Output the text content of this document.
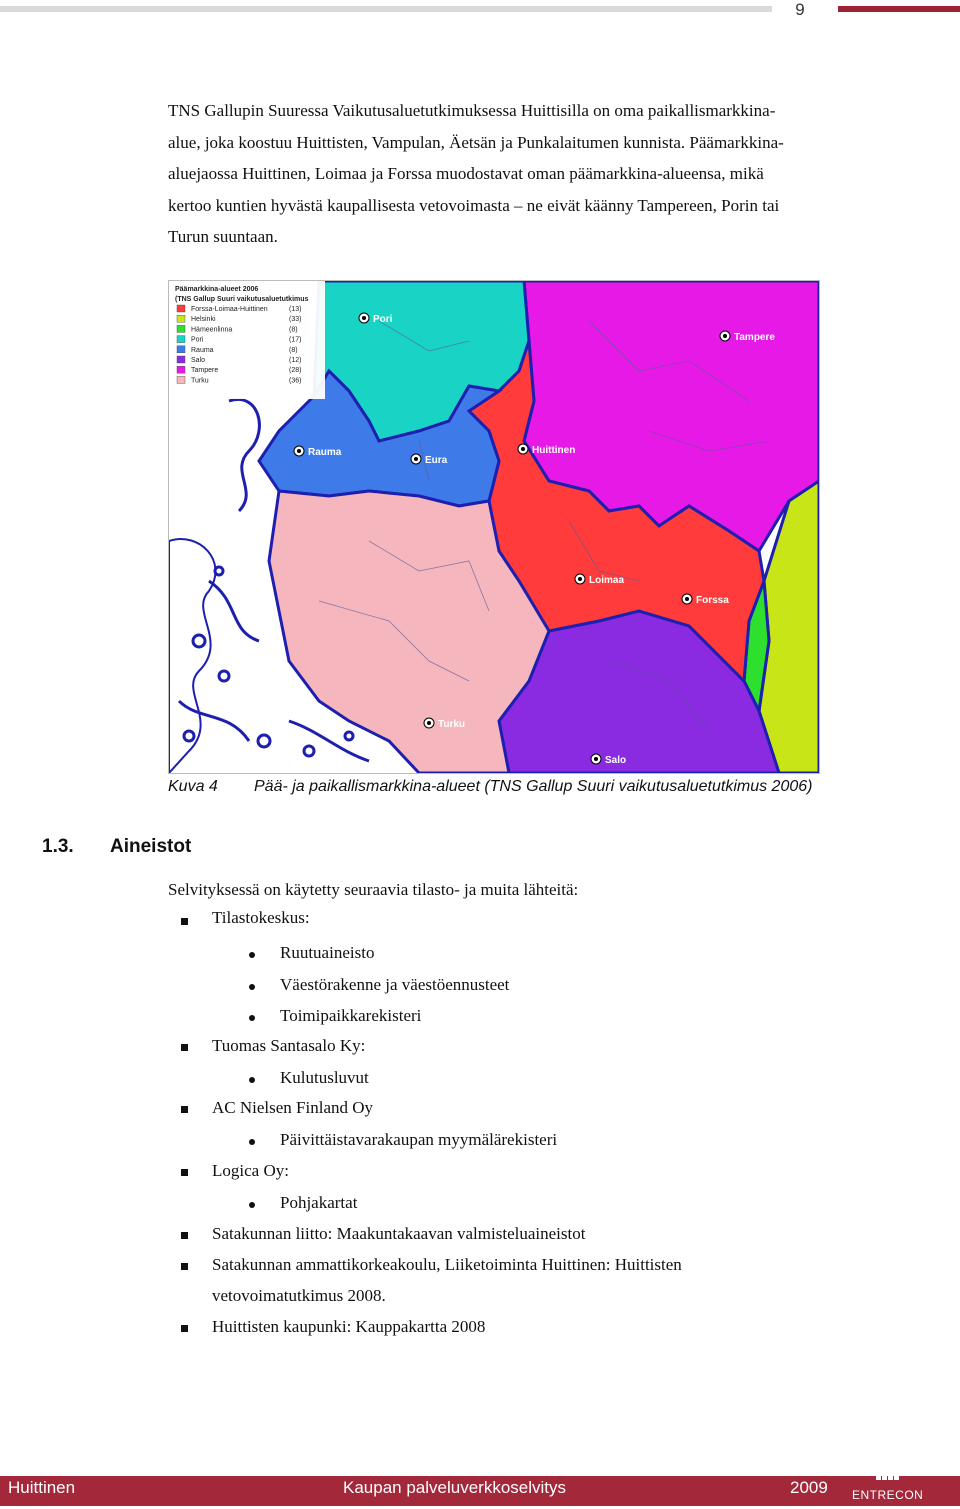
9
TNS Gallupin Suuressa Vaikutusaluetutkimuksessa Huittisilla on oma paikallismarkkina-
alue, joka koostuu Huittisten, Vampulan, Äetsän ja Punkalaitumen kunnista. Päämarkkina-
aluejaossa Huittinen, Loimaa ja Forssa muodostavat oman päämarkkina-alueensa, mikä
kertoo kuntien hyvästä kaupallisesta vetovoimasta – ne eivät käänny Tampereen, Porin tai
Turun suuntaan.
Päämarkkina-alueet 2006
(TNS Gallup Suuri vaikutusaluetutkimus
Forssa-Loimaa-Huittinen	(13)
Helsinki	(33)
Hämeenlinna	(8)
Pori	(17)
Rauma	(8)
Salo	(12)
Tampere	(28)
Turku	(36)
Pori
Tampere
Rauma
Eura
Huittinen
Loimaa
Forssa
Turku
Salo
Kuva 4 Pää- ja paikallismarkkina-alueet (TNS Gallup Suuri vaikutusaluetutkimus 2006)
1.3. Aineistot
Selvityksessä on käytetty seuraavia tilasto- ja muita lähteitä:
Tilastokeskus:
Ruutuaineisto
Väestörakenne ja väestöennusteet
Toimipaikkarekisteri
Tuomas Santasalo Ky:
Kulutusluvut
AC Nielsen Finland Oy
Päivittäistavarakaupan myymälärekisteri
Logica Oy:
Pohjakartat
Satakunnan liitto: Maakuntakaavan valmisteluaineistot
Satakunnan ammattikorkeakoulu, Liiketoiminta Huittinen: Huittisten
vetovoimatutkimus 2008.
Huittisten kaupunki: Kauppakartta 2008
Huittinen	Kaupan palveluverkkoselvitys	2009 ENTRECON
